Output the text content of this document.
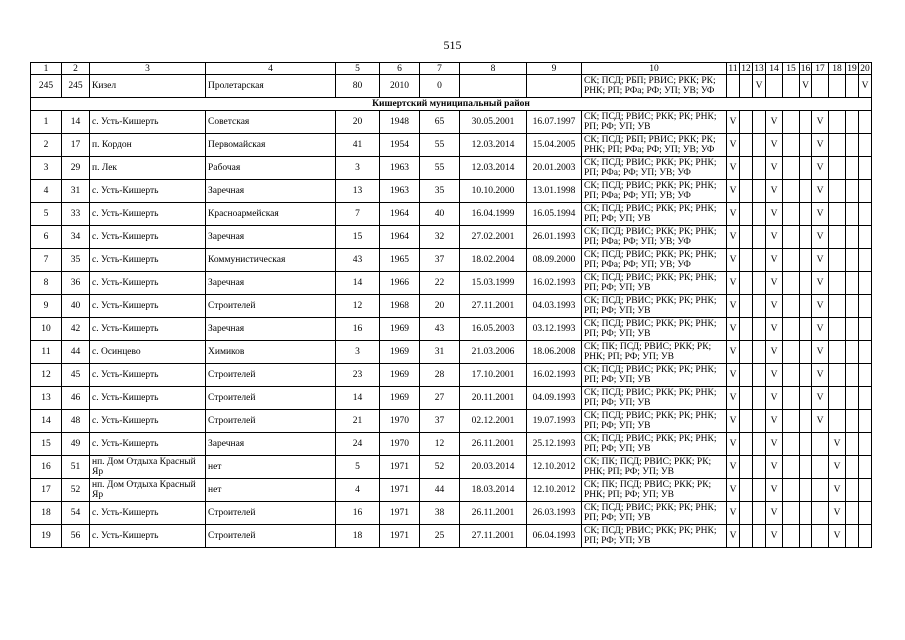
515
1	2	3	4	5	6	7	8	9	10	11	12	13	14	15	16	17	18	19	20
245	245	Кизел	Пролетарская	80	2010	0			СК; ПСД; РБП; РВИС; РКК; РК; РНК; РП; РФа; РФ; УП; УВ; УФ			V			V				V
Кишертский муниципальный район																			
1	14	с. Усть-Кишерть	Советская	20	1948	65	30.05.2001	16.07.1997	СК; ПСД; РВИС; РКК; РК; РНК; РП; РФ; УП; УВ	V			V			V			
2	17	п. Кордон	Первомайская	41	1954	55	12.03.2014	15.04.2005	СК; ПСД; РБП; РВИС; РКК; РК; РНК; РП; РФа; РФ; УП; УВ; УФ	V			V			V			
3	29	п. Лек	Рабочая	3	1963	55	12.03.2014	20.01.2003	СК; ПСД; РВИС; РКК; РК; РНК; РП; РФа; РФ; УП; УВ; УФ	V			V			V			
4	31	с. Усть-Кишерть	Заречная	13	1963	35	10.10.2000	13.01.1998	СК; ПСД; РВИС; РКК; РК; РНК; РП; РФа; РФ; УП; УВ; УФ	V			V			V			
5	33	с. Усть-Кишерть	Красноармейская	7	1964	40	16.04.1999	16.05.1994	СК; ПСД; РВИС; РКК; РК; РНК; РП; РФ; УП; УВ	V			V			V			
6	34	с. Усть-Кишерть	Заречная	15	1964	32	27.02.2001	26.01.1993	СК; ПСД; РВИС; РКК; РК; РНК; РП; РФа; РФ; УП; УВ; УФ	V			V			V			
7	35	с. Усть-Кишерть	Коммунистическая	43	1965	37	18.02.2004	08.09.2000	СК; ПСД; РВИС; РКК; РК; РНК; РП; РФа; РФ; УП; УВ; УФ	V			V			V			
8	36	с. Усть-Кишерть	Заречная	14	1966	22	15.03.1999	16.02.1993	СК; ПСД; РВИС; РКК; РК; РНК; РП; РФ; УП; УВ	V			V			V			
9	40	с. Усть-Кишерть	Строителей	12	1968	20	27.11.2001	04.03.1993	СК; ПСД; РВИС; РКК; РК; РНК; РП; РФ; УП; УВ	V			V			V			
10	42	с. Усть-Кишерть	Заречная	16	1969	43	16.05.2003	03.12.1993	СК; ПСД; РВИС; РКК; РК; РНК; РП; РФ; УП; УВ	V			V			V			
11	44	с. Осинцево	Химиков	3	1969	31	21.03.2006	18.06.2008	СК; ПК; ПСД; РВИС; РКК; РК; РНК; РП; РФ; УП; УВ	V			V			V			
12	45	с. Усть-Кишерть	Строителей	23	1969	28	17.10.2001	16.02.1993	СК; ПСД; РВИС; РКК; РК; РНК; РП; РФ; УП; УВ	V			V			V			
13	46	с. Усть-Кишерть	Строителей	14	1969	27	20.11.2001	04.09.1993	СК; ПСД; РВИС; РКК; РК; РНК; РП; РФ; УП; УВ	V			V			V			
14	48	с. Усть-Кишерть	Строителей	21	1970	37	02.12.2001	19.07.1993	СК; ПСД; РВИС; РКК; РК; РНК; РП; РФ; УП; УВ	V			V			V			
15	49	с. Усть-Кишерть	Заречная	24	1970	12	26.11.2001	25.12.1993	СК; ПСД; РВИС; РКК; РК; РНК; РП; РФ; УП; УВ	V			V				V		
16	51	нп. Дом Отдыха Красный Яр	нет	5	1971	52	20.03.2014	12.10.2012	СК; ПК; ПСД; РВИС; РКК; РК; РНК; РП; РФ; УП; УВ	V			V				V		
17	52	нп. Дом Отдыха Красный Яр	нет	4	1971	44	18.03.2014	12.10.2012	СК; ПК; ПСД; РВИС; РКК; РК; РНК; РП; РФ; УП; УВ	V			V				V		
18	54	с. Усть-Кишерть	Строителей	16	1971	38	26.11.2001	26.03.1993	СК; ПСД; РВИС; РКК; РК; РНК; РП; РФ; УП; УВ	V			V				V		
19	56	с. Усть-Кишерть	Строителей	18	1971	25	27.11.2001	06.04.1993	СК; ПСД; РВИС; РКК; РК; РНК; РП; РФ; УП; УВ	V			V				V		
